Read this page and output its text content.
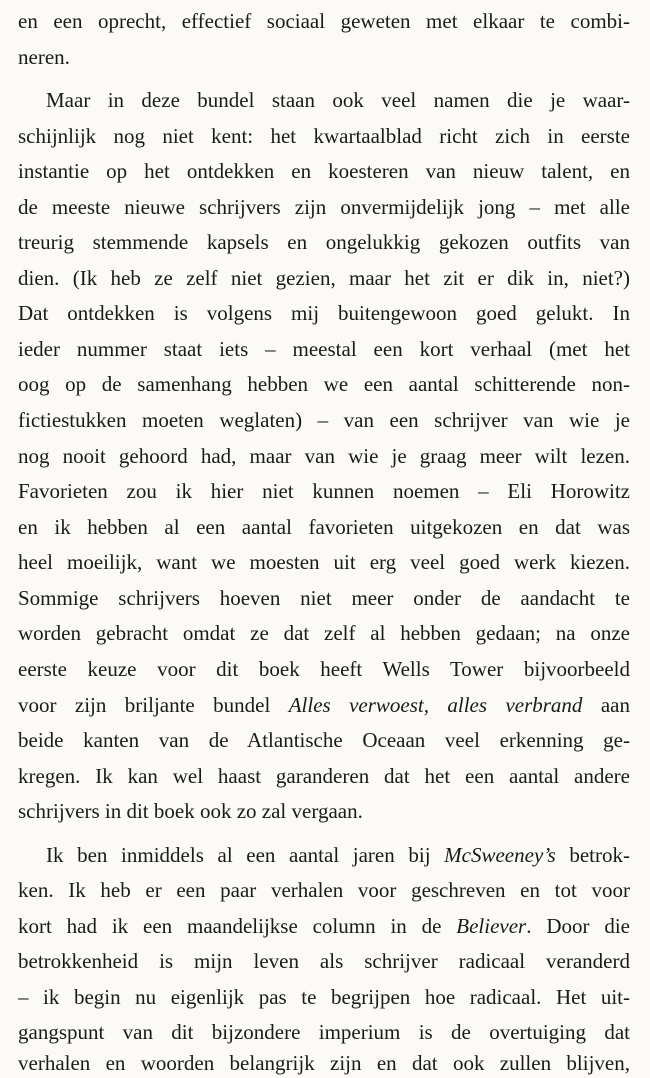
en een oprecht, effectief sociaal geweten met elkaar te combi-
neren.
Maar in deze bundel staan ook veel namen die je waar-
schijnlijk nog niet kent: het kwartaalblad richt zich in eerste
instantie op het ontdekken en koesteren van nieuw talent, en
de meeste nieuwe schrijvers zijn onvermijdelijk jong – met alle
treurig stemmende kapsels en ongelukkig gekozen outfits van
dien. (Ik heb ze zelf niet gezien, maar het zit er dik in, niet?)
Dat ontdekken is volgens mij buitengewoon goed gelukt. In
ieder nummer staat iets – meestal een kort verhaal (met het
oog op de samenhang hebben we een aantal schitterende non-
fictiestukken moeten weglaten) – van een schrijver van wie je
nog nooit gehoord had, maar van wie je graag meer wilt lezen.
Favorieten zou ik hier niet kunnen noemen – Eli Horowitz
en ik hebben al een aantal favorieten uitgekozen en dat was
heel moeilijk, want we moesten uit erg veel goed werk kiezen.
Sommige schrijvers hoeven niet meer onder de aandacht te
worden gebracht omdat ze dat zelf al hebben gedaan; na onze
eerste keuze voor dit boek heeft Wells Tower bijvoorbeeld
voor zijn briljante bundel Alles verwoest, alles verbrand aan
beide kanten van de Atlantische Oceaan veel erkenning ge-
kregen. Ik kan wel haast garanderen dat het een aantal andere
schrijvers in dit boek ook zo zal vergaan.
Ik ben inmiddels al een aantal jaren bij McSweeney’s betrok-
ken. Ik heb er een paar verhalen voor geschreven en tot voor
kort had ik een maandelijkse column in de Believer. Door die
betrokkenheid is mijn leven als schrijver radicaal veranderd
– ik begin nu eigenlijk pas te begrijpen hoe radicaal. Het uit-
gangspunt van dit bijzondere imperium is de overtuiging dat
verhalen en woorden belangrijk zijn en dat ook zullen blijven,
